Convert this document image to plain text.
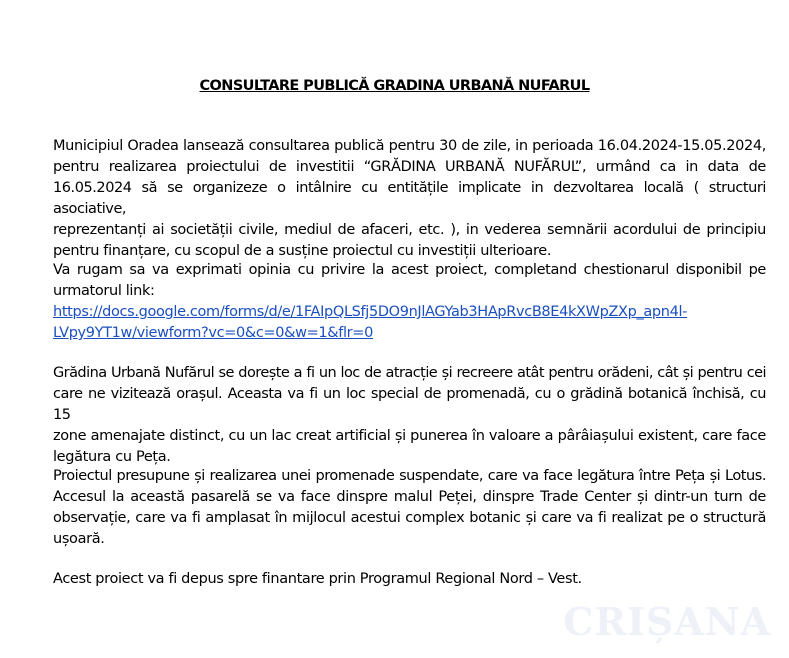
CONSULTARE PUBLICĂ GRADINA URBANĂ NUFARUL
Municipiul Oradea lansează consultarea publică pentru 30 de zile, in perioada 16.04.2024-15.05.2024,
pentru realizarea proiectului de investitii “GRĂDINA URBANĂ NUFĂRUL”, urmând ca in data de
16.05.2024 să se organizeze o intâlnire cu entitățile implicate in dezvoltarea locală ( structuri asociative,
reprezentanți ai societății civile, mediul de afaceri, etc. ), in vederea semnării acordului de principiu
pentru finanțare, cu scopul de a susține proiectul cu investiții ulterioare.
Va rugam sa va exprimati opinia cu privire la acest proiect, completand chestionarul disponibil pe
urmatorul link:
https://docs.google.com/forms/d/e/1FAIpQLSfj5DO9nJlAGYab3HApRvcB8E4kXWpZXp_apn4l-
LVpy9YT1w/viewform?vc=0&c=0&w=1&flr=0
Grădina Urbană Nufărul se dorește a fi un loc de atracție și recreere atât pentru orădeni, cât și pentru cei
care ne vizitează orașul. Aceasta va fi un loc special de promenadă, cu o grădină botanică închisă, cu 15
zone amenajate distinct, cu un lac creat artificial și punerea în valoare a pârâiașului existent, care face
legătura cu Peța.
Proiectul presupune și realizarea unei promenade suspendate, care va face legătura între Peța și Lotus.
Accesul la această pasarelă se va face dinspre malul Peței, dinspre Trade Center și dintr-un turn de
observație, care va fi amplasat în mijlocul acestui complex botanic și care va fi realizat pe o structură
ușoară.
Acest proiect va fi depus spre finantare prin Programul Regional Nord – Vest.
CRIȘANA
